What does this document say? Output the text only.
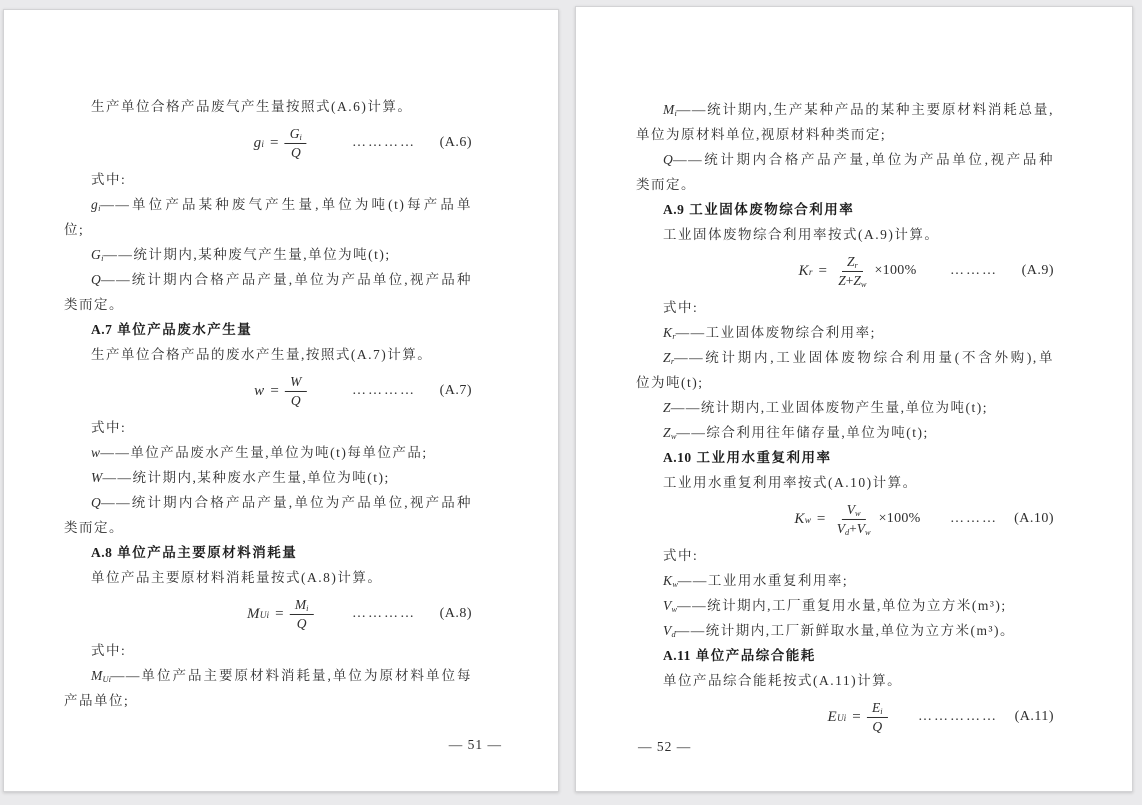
生产单位合格产品废气产生量按照式(A.6)计算。
$g_i = \frac{G_i}{Q}$	………… (A.6)
式中:
$g_i——$单位产品某种废气产生量,单位为吨(t)每产品单
位;
$G_i——$统计期内,某种废气产生量,单位为吨(t);
Q——统计期内合格产品产量,单位为产品单位,视产品种
类而定。
A.7 单位产品废水产生量
生产单位合格产品的废水产生量,按照式(A.7)计算。
$w = \frac{W}{Q}$	………… (A.7)
式中:
w——单位产品废水产生量,单位为吨(t)每单位产品;
W——统计期内,某种废水产生量,单位为吨(t);
Q——统计期内合格产品产量,单位为产品单位,视产品种
类而定。
A.8 单位产品主要原材料消耗量
单位产品主要原材料消耗量按式(A.8)计算。
$M_{Ui} = \frac{M_i}{Q}$	………… (A.8)
式中:
$M_{Ui}——$单位产品主要原材料消耗量,单位为原材料单位每
产品单位;
— 51 —
$M_i——$统计期内,生产某种产品的某种主要原材料消耗总量,
单位为原材料单位,视原材料种类而定;
Q——统计期内合格产品产量,单位为产品单位,视产品种
类而定。
A.9 工业固体废物综合利用率
工业固体废物综合利用率按式(A.9)计算。
$K_r = \frac{Z_r}{Z+Z_w} \times 100\%$ ……… (A.9)
式中:
$K_r——$工业固体废物综合利用率;
$Z_r——$统计期内,工业固体废物综合利用量(不含外购),单
位为吨(t);
Z——统计期内,工业固体废物产生量,单位为吨(t);
$Z_w——$综合利用往年储存量,单位为吨(t);
A.10 工业用水重复利用率
工业用水重复利用率按式(A.10)计算。
$K_w = \frac{V_w}{V_d+V_w} \times 100\%$ ……… (A.10)
式中:
$K_w——$工业用水重复利用率;
$V_w——$统计期内,工厂重复用水量,单位为立方米(m³);
$V_d——$统计期内,工厂新鲜取水量,单位为立方米(m³)。
A.11 单位产品综合能耗
单位产品综合能耗按式(A.11)计算。
$E_{Ui} = \frac{E_i}{Q}$ …………… (A.11)
— 52 —
